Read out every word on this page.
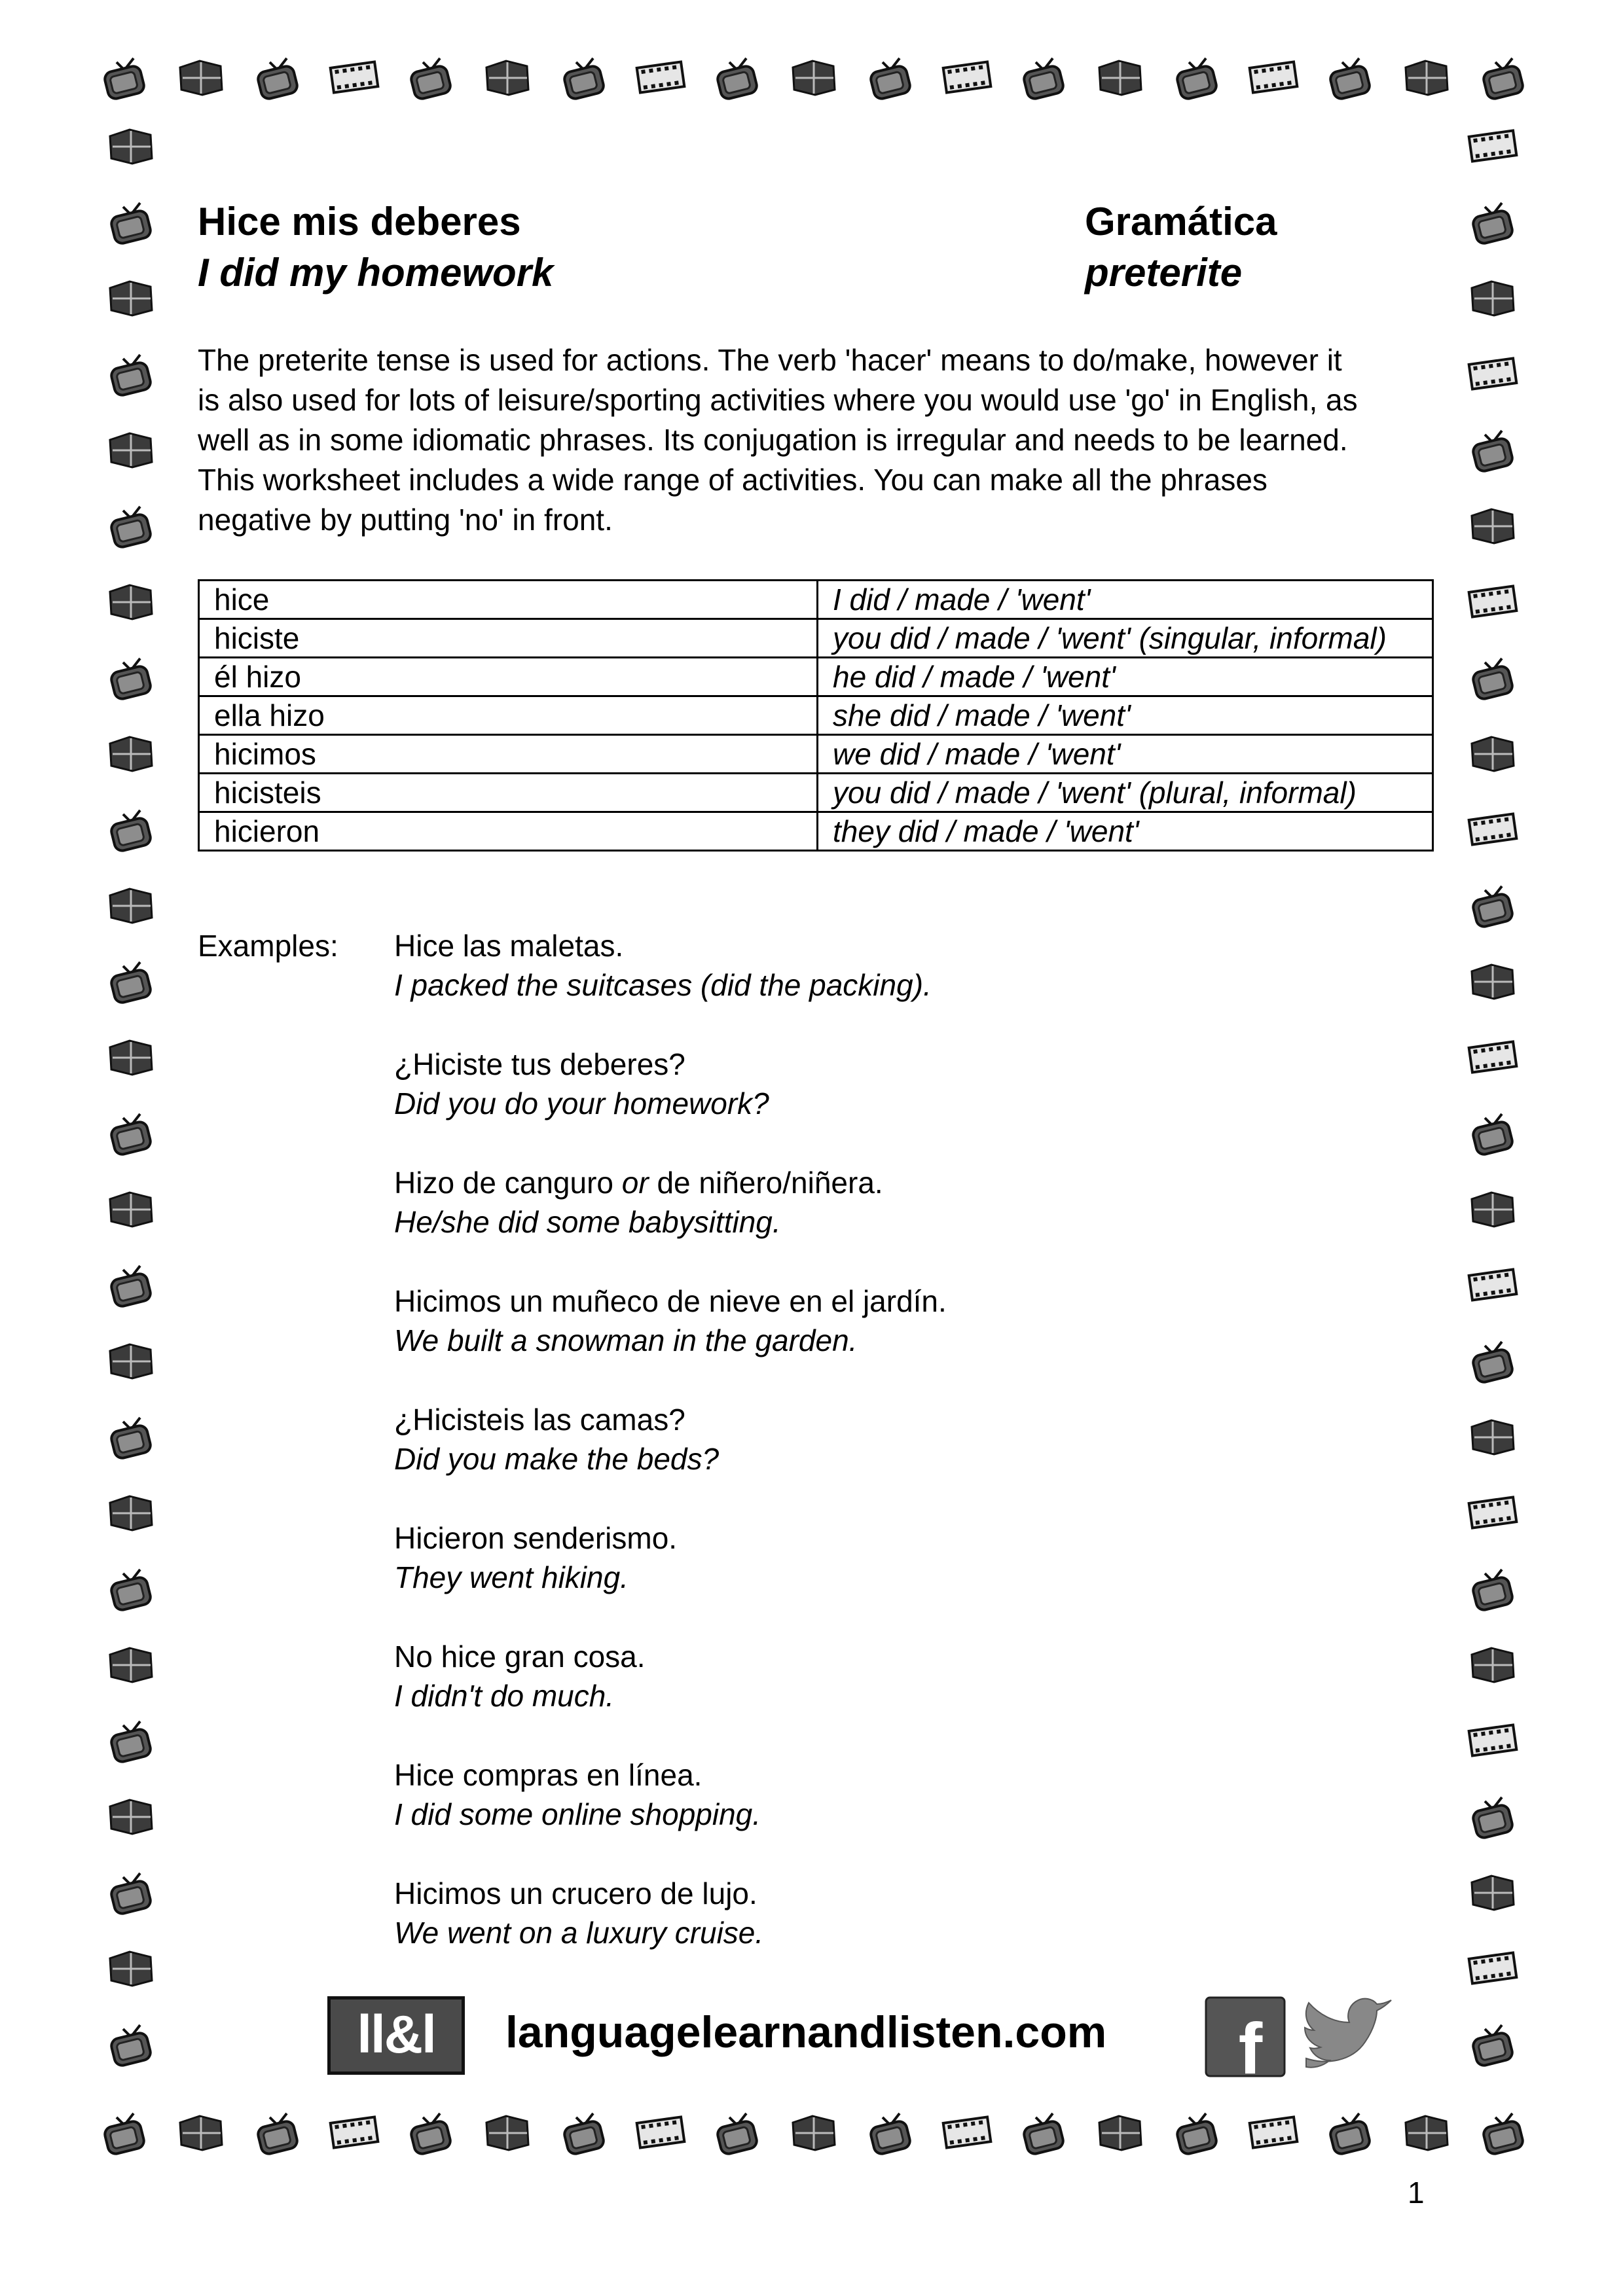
Hice mis deberes
I did my homework
Gramática
preterite

The preterite tense is used for actions. The verb 'hacer' means to do/make, however it

is also used for lots of leisure/sporting activities where you would use 'go' in English, as

well as in some idiomatic phrases. Its conjugation is irregular and needs to be learned.

This worksheet includes a wide range of activities. You can make all the phrases

negative by putting 'no' in front.

hice	I did / made / 'went'
hiciste	you did / made / 'went' (singular, informal)
él hizo	he did / made / 'went'
ella hizo	she did / made / 'went'
hicimos	we did / made / 'went'
hicisteis	you did / made / 'went' (plural, informal)
hicieron	they did / made / 'went'
Examples: Hice las maletas.
I packed the suitcases (did the packing).
¿Hiciste tus deberes?
Did you do your homework?
Hizo de canguro or de niñero/niñera.
He/she did some babysitting.
Hicimos un muñeco de nieve en el jardín.
We built a snowman in the garden.
¿Hicisteis las camas?
Did you make the beds?
Hicieron senderismo.
They went hiking.
No hice gran cosa.
I didn't do much.
Hice compras en línea.
I did some online shopping.
Hicimos un crucero de lujo.
We went on a luxury cruise.
ll&l	languagelearnandlisten.com f
1
